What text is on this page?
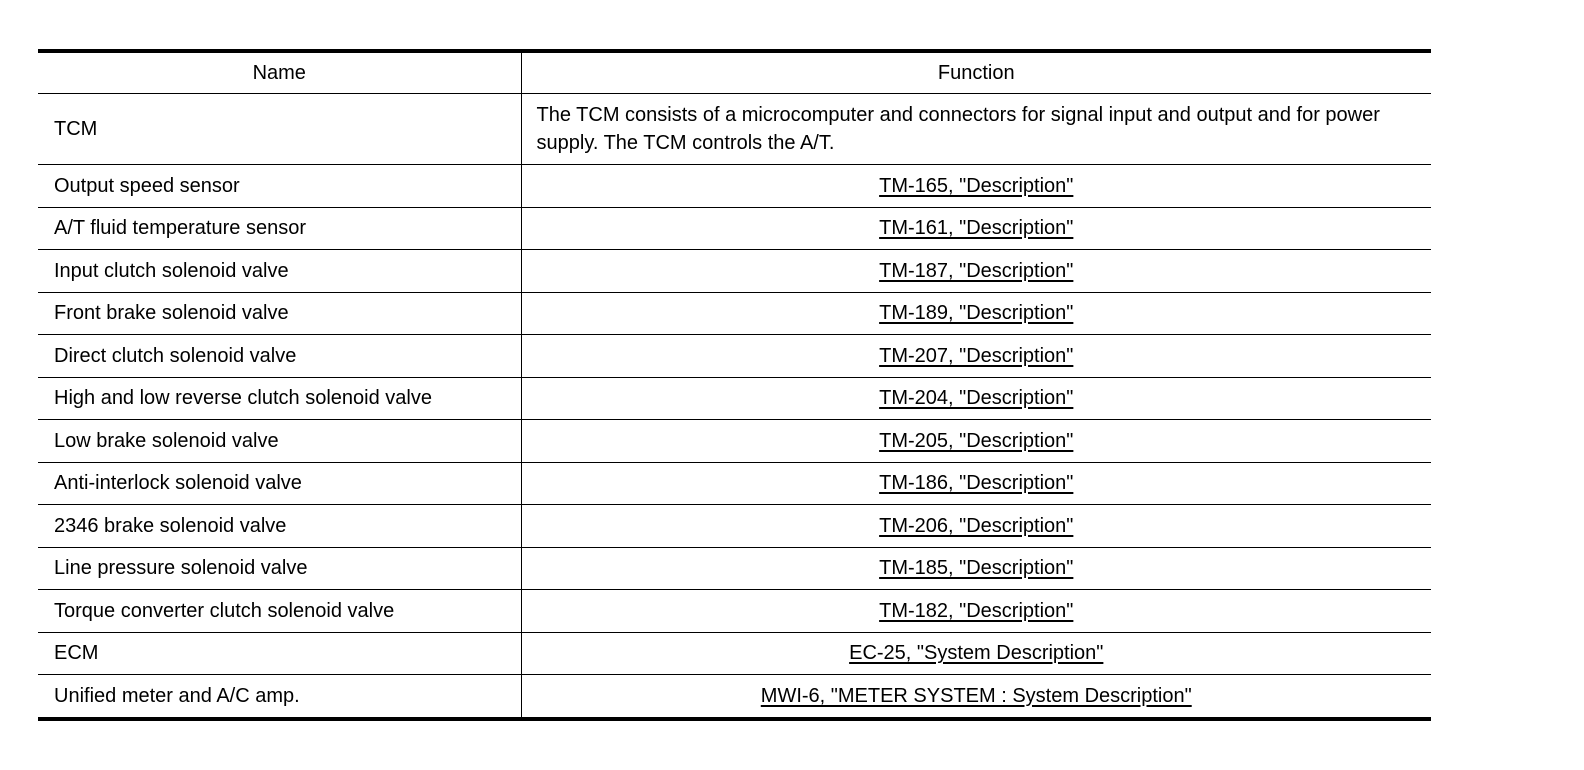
Name	Function
TCM	The TCM consists of a microcomputer and connectors for signal input and output and for power supply. The TCM controls the A/T.
Output speed sensor	TM-165, "Description"
A/T fluid temperature sensor	TM-161, "Description"
Input clutch solenoid valve	TM-187, "Description"
Front brake solenoid valve	TM-189, "Description"
Direct clutch solenoid valve	TM-207, "Description"
High and low reverse clutch solenoid valve	TM-204, "Description"
Low brake solenoid valve	TM-205, "Description"
Anti-interlock solenoid valve	TM-186, "Description"
2346 brake solenoid valve	TM-206, "Description"
Line pressure solenoid valve	TM-185, "Description"
Torque converter clutch solenoid valve	TM-182, "Description"
ECM	EC-25, "System Description"
Unified meter and A/C amp.	MWI-6, "METER SYSTEM : System Description"
